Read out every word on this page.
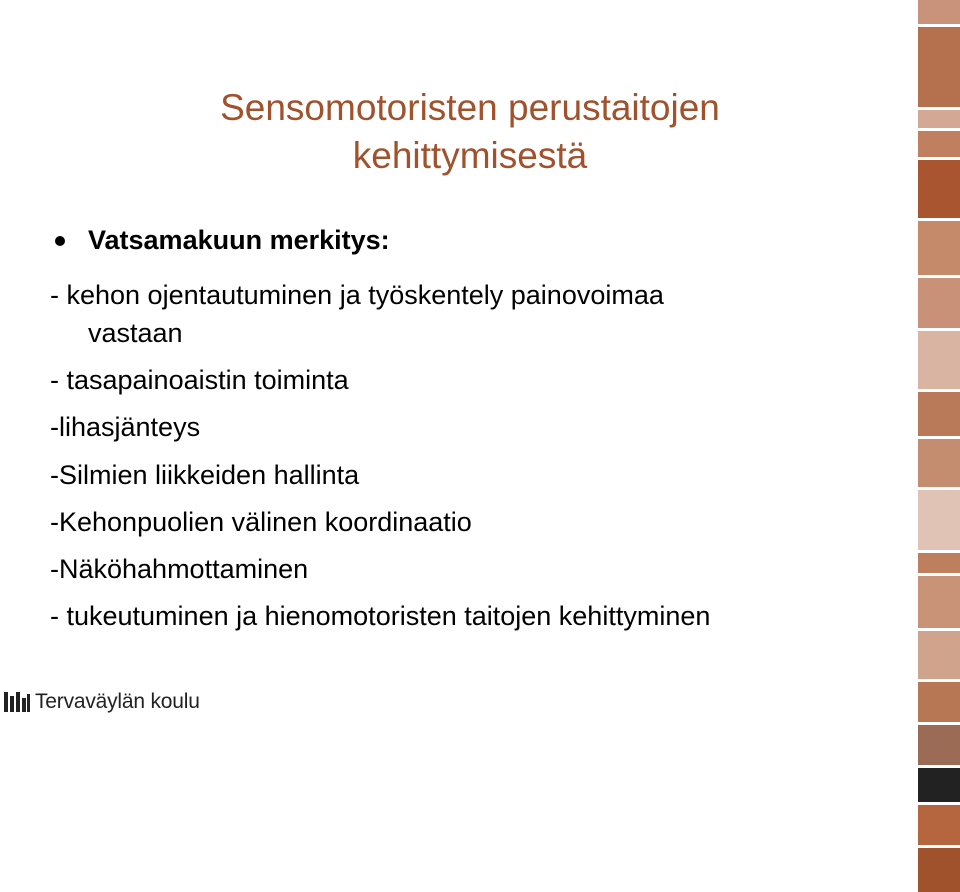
Sensomotoristen perustaitojen
kehittymisestä
Vatsamakuun merkitys:
- kehon ojentautuminen ja työskentely painovoimaa
vastaan
- tasapainoaistin toiminta
-lihasjänteys
-Silmien liikkeiden hallinta
-Kehonpuolien välinen koordinaatio
-Näköhahmottaminen
- tukeutuminen ja hienomotoristen taitojen kehittyminen
Tervaväylän koulu
